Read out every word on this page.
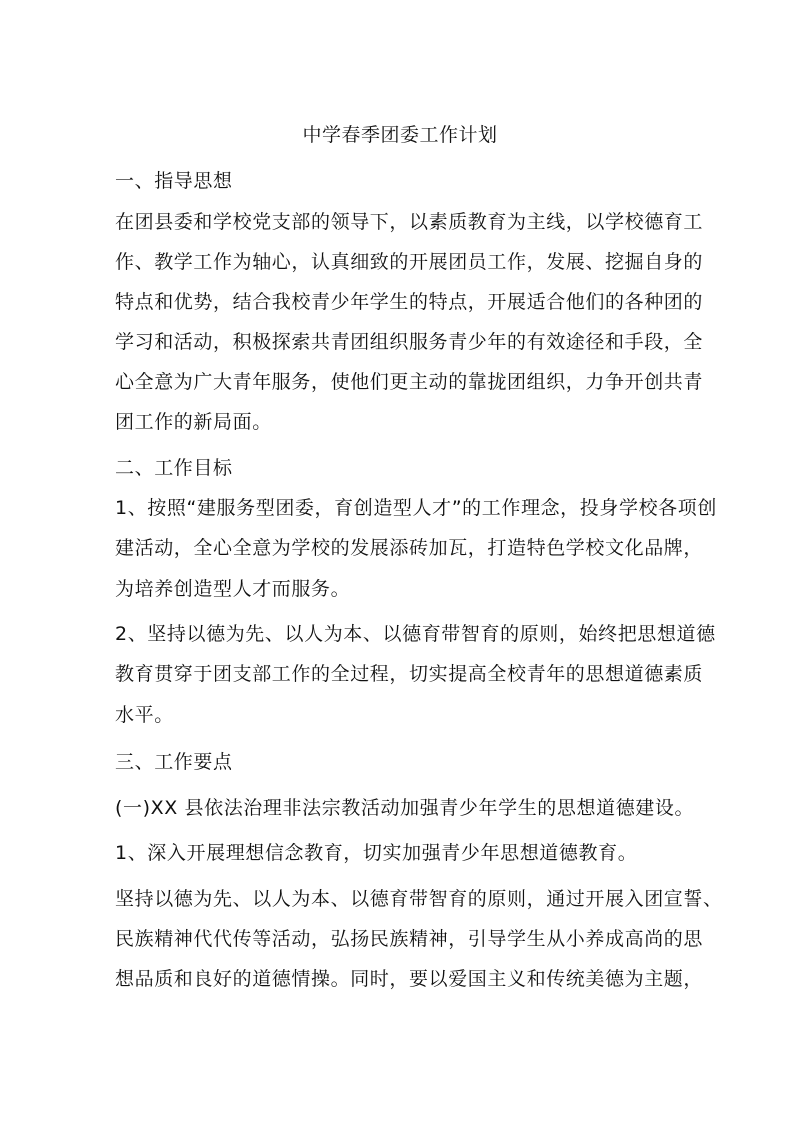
中学春季团委工作计划
一、指导思想
在团县委和学校党支部的领导下，以素质教育为主线，以学校德育工
作、教学工作为轴心，认真细致的开展团员工作，发展、挖掘自身的
特点和优势，结合我校青少年学生的特点，开展适合他们的各种团的
学习和活动，积极探索共青团组织服务青少年的有效途径和手段，全
心全意为广大青年服务，使他们更主动的靠拢团组织，力争开创共青
团工作的新局面。
二、工作目标
1、按照“建服务型团委，育创造型人才”的工作理念，投身学校各项创
建活动，全心全意为学校的发展添砖加瓦，打造特色学校文化品牌，
为培养创造型人才而服务。
2、坚持以德为先、以人为本、以德育带智育的原则，始终把思想道德
教育贯穿于团支部工作的全过程，切实提高全校青年的思想道德素质
水平。
三、工作要点
(一)XX 县依法治理非法宗教活动加强青少年学生的思想道德建设。
1、深入开展理想信念教育，切实加强青少年思想道德教育。
坚持以德为先、以人为本、以德育带智育的原则，通过开展入团宣誓、
民族精神代代传等活动，弘扬民族精神，引导学生从小养成高尚的思
想品质和良好的道德情操。同时，要以爱国主义和传统美德为主题，
